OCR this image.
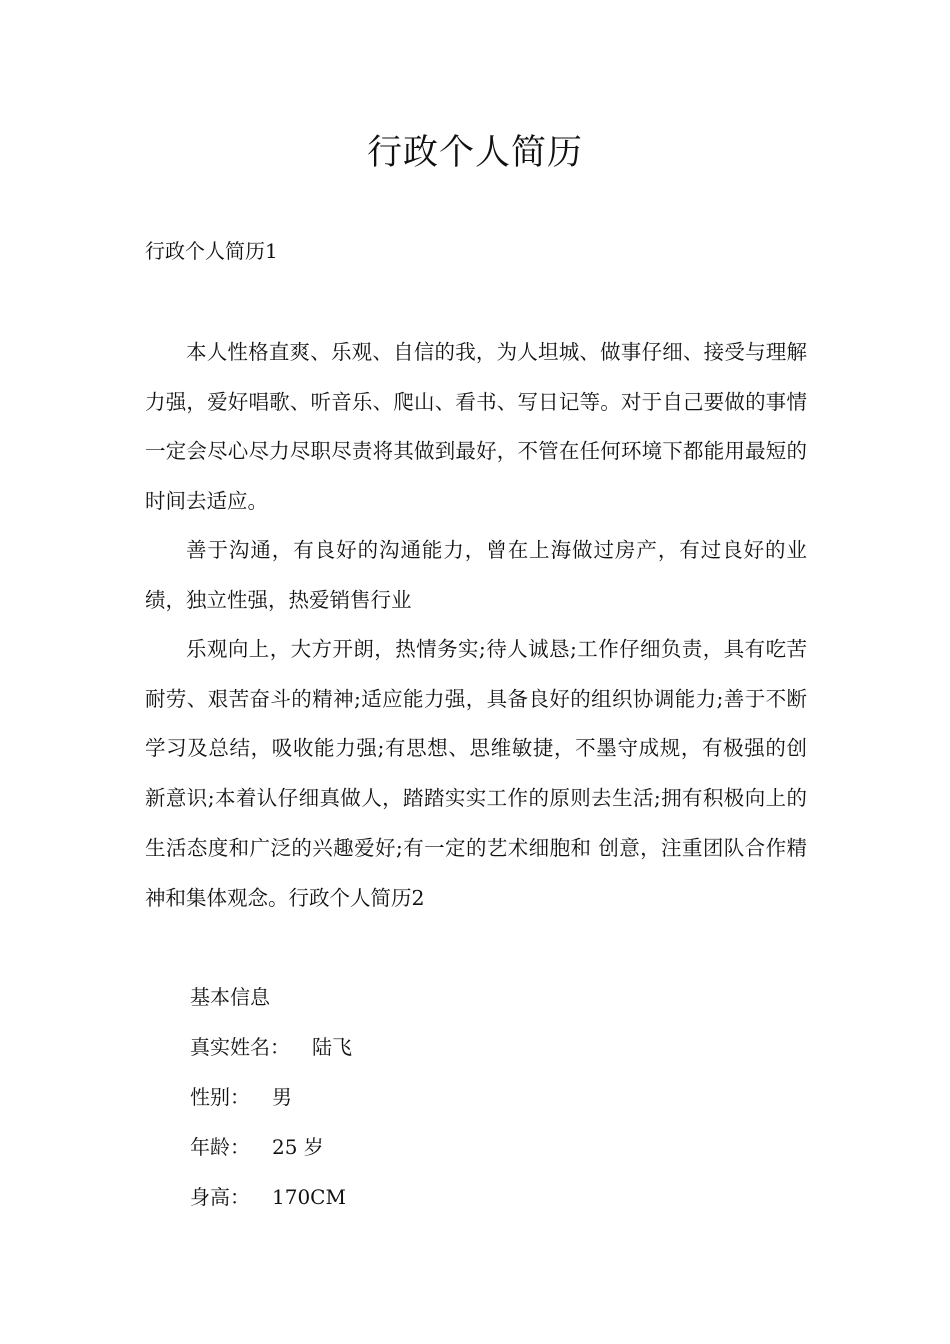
行政个人简历

行政个人简历1

本人性格直爽、乐观、自信的我，为人坦城、做事仔细、接受与理解力强，爱好唱歌、听音乐、爬山、看书、写日记等。对于自己要做的事情一定会尽心尽力尽职尽责将其做到最好，不管在任何环境下都能用最短的时间去适应。

善于沟通，有良好的沟通能力，曾在上海做过房产，有过良好的业绩，独立性强，热爱销售行业

乐观向上，大方开朗，热情务实;待人诚恳;工作仔细负责，具有吃苦耐劳、艰苦奋斗的精神;适应能力强，具备良好的组织协调能力;善于不断学习及总结，吸收能力强;有思想、思维敏捷，不墨守成规，有极强的创新意识;本着认仔细真做人，踏踏实实工作的原则去生活;拥有积极向上的生活态度和广泛的兴趣爱好;有一定的艺术细胞和 创意，注重团队合作精神和集体观念。行政个人简历2

基本信息
真实姓名： 陆飞
性别： 男
年龄： 25 岁
身高： 170CM
